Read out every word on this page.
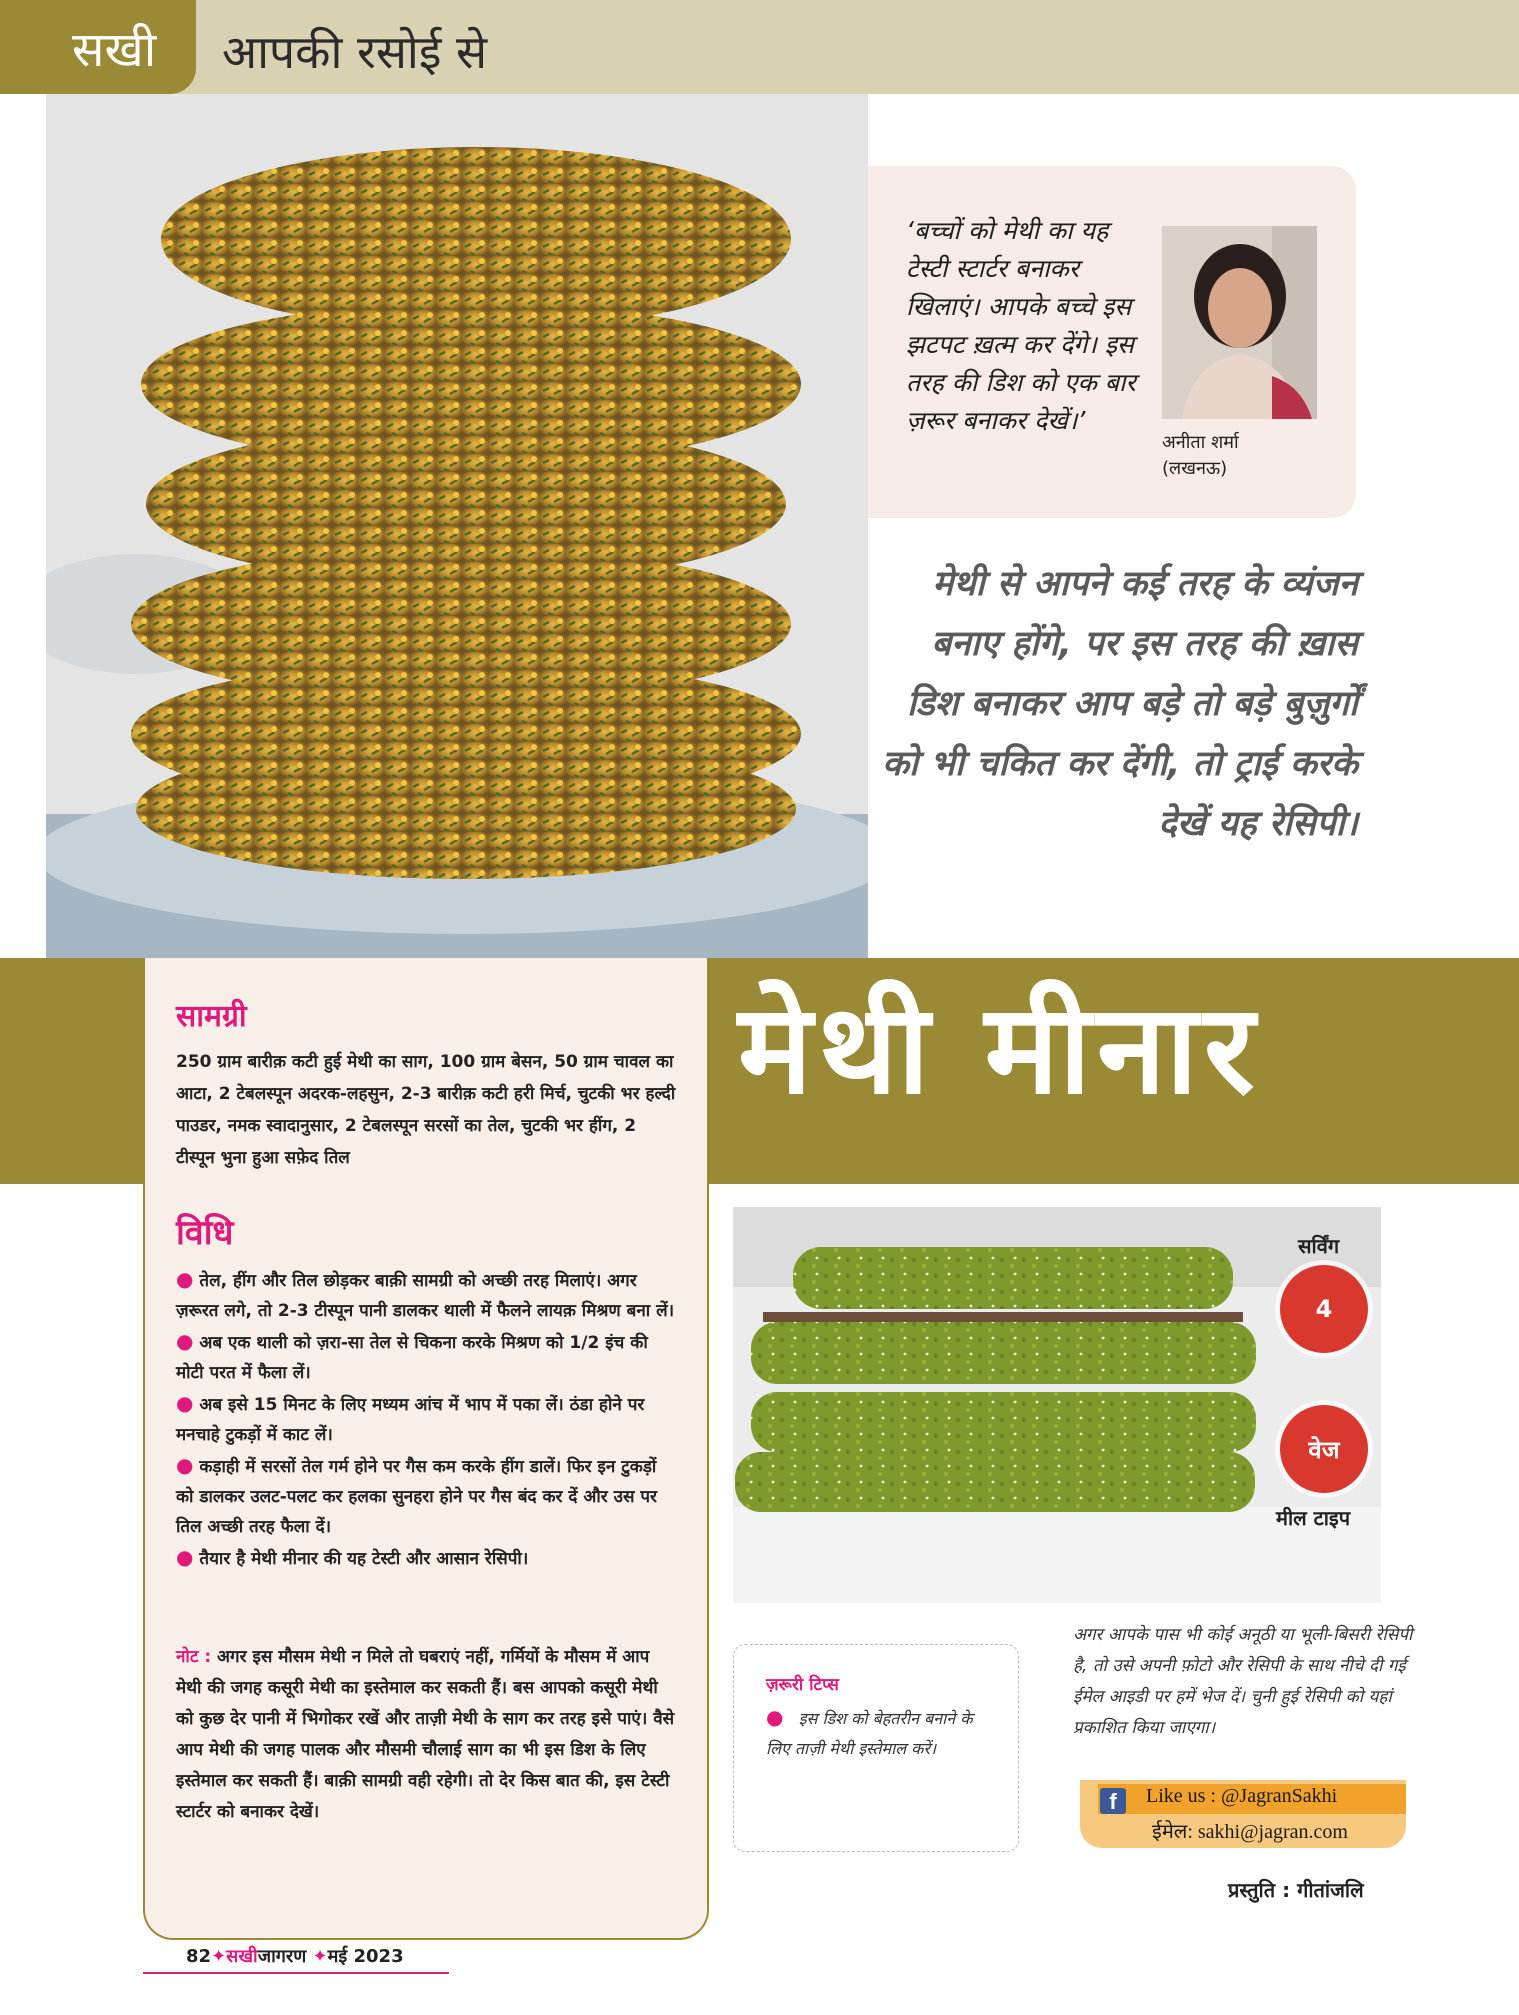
सखी आपकी रसोई से
‘बच्चों को मेथी का यह टेस्टी स्टार्टर बनाकर खिलाएं। आपके बच्चे इस झटपट ख़त्म कर देंगे। इस तरह की डिश को एक बार ज़रूर बनाकर देखें।’
अनीता शर्मा
(लखनऊ)
मेथी से आपने कई तरह के व्यंजन बनाए होंगे, पर इस तरह की ख़ास डिश बनाकर आप बड़े तो बड़े बुज़ुर्गों को भी चकित कर देंगी, तो ट्राई करके देखें यह रेसिपी।
मेथी मीनार
सामग्री
250 ग्राम बारीक़ कटी हुई मेथी का साग, 100 ग्राम बेसन, 50 ग्राम चावल का आटा, 2 टेबलस्पून अदरक-लहसुन, 2-3 बारीक़ कटी हरी मिर्च, चुटकी भर हल्दी पाउडर, नमक स्वादानुसार, 2 टेबलस्पून सरसों का तेल, चुटकी भर हींग, 2 टीस्पून भुना हुआ सफ़ेद तिल
विधि

● तेल, हींग और तिल छोड़कर बाक़ी सामग्री को अच्छी तरह मिलाएं। अगर ज़रूरत लगे, तो 2-3 टीस्पून पानी डालकर थाली में फैलने लायक़ मिश्रण बना लें।

● अब एक थाली को ज़रा-सा तेल से चिकना करके मिश्रण को 1/2 इंच की मोटी परत में फैला लें।

● अब इसे 15 मिनट के लिए मध्यम आंच में भाप में पका लें। ठंडा होने पर मनचाहे टुकड़ों में काट लें।

● कड़ाही में सरसों तेल गर्म होने पर गैस कम करके हींग डालें। फिर इन टुकड़ों को डालकर उलट-पलट कर हलका सुनहरा होने पर गैस बंद कर दें और उस पर तिल अच्छी तरह फैला दें।

● तैयार है मेथी मीनार की यह टेस्टी और आसान रेसिपी।

नोट : अगर इस मौसम मेथी न मिले तो घबराएं नहीं, गर्मियों के मौसम में आप मेथी की जगह कसूरी मेथी का इस्तेमाल कर सकती हैं। बस आपको कसूरी मेथी को कुछ देर पानी में भिगोकर रखें और ताज़ी मेथी के साग कर तरह इसे पाएं। वैसे आप मेथी की जगह पालक और मौसमी चौलाई साग का भी इस डिश के लिए इस्तेमाल कर सकती हैं। बाक़ी सामग्री वही रहेगी। तो देर किस बात की, इस टेस्टी स्टार्टर को बनाकर देखें।
सर्विंग
4
वेज
मील टाइप
ज़रूरी टिप्स
● इस डिश को बेहतरीन बनाने के लिए ताज़ी मेथी इस्तेमाल करें।
अगर आपके पास भी कोई अनूठी या भूली-बिसरी रेसिपी है, तो उसे अपनी फ़ोटो और रेसिपी के साथ नीचे दी गई ईमेल आइडी पर हमें भेज दें। चुनी हुई रेसिपी को यहां प्रकाशित किया जाएगा।
f	Like us : @JagranSakhi
ईमेल: sakhi@jagran.com
प्रस्तुति : गीतांजलि
82✦सखीजागरण ✦मई 2023
